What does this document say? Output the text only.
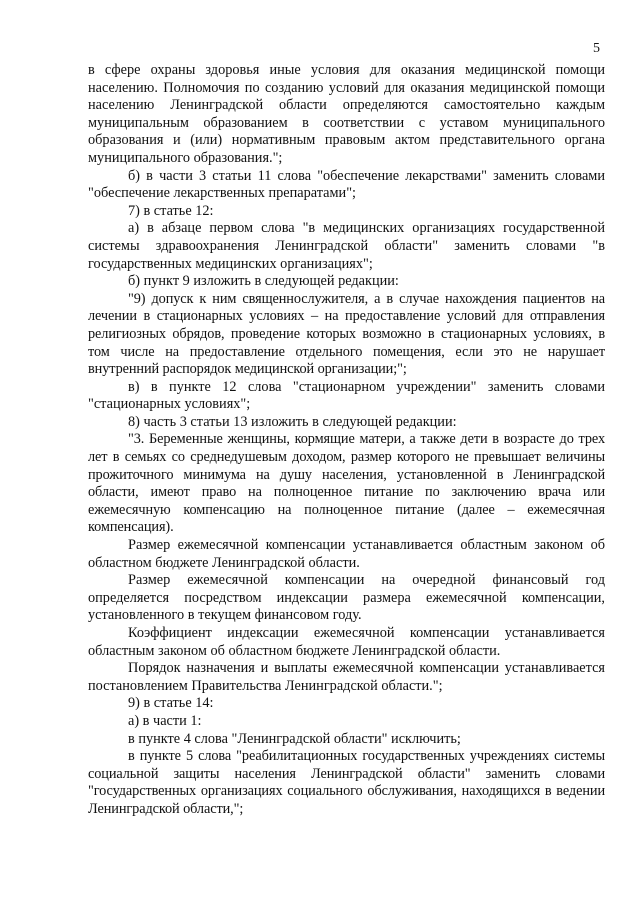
5

в сфере охраны здоровья иные условия для оказания медицинской помощи населению. Полномочия по созданию условий для оказания медицинской помощи населению Ленинградской области определяются самостоятельно каждым муниципальным образованием в соответствии с уставом муниципального образования и (или) нормативным правовым актом представительного органа муниципального образования.";

б) в части 3 статьи 11 слова "обеспечение лекарствами" заменить словами "обеспечение лекарственных препаратами";

7) в статье 12:

а) в абзаце первом слова "в медицинских организациях государственной системы здравоохранения Ленинградской области" заменить словами "в государственных медицинских организациях";

б) пункт 9 изложить в следующей редакции:

"9) допуск к ним священнослужителя, а в случае нахождения пациентов на лечении в стационарных условиях – на предоставление условий для отправления религиозных обрядов, проведение которых возможно в стационарных условиях, в том числе на предоставление отдельного помещения, если это не нарушает внутренний распорядок медицинской организации;";

в) в пункте 12 слова "стационарном учреждении" заменить словами "стационарных условиях";

8) часть 3 статьи 13 изложить в следующей редакции:

"3. Беременные женщины, кормящие матери, а также дети в возрасте до трех лет в семьях со среднедушевым доходом, размер которого не превышает величины прожиточного минимума на душу населения, установленной в Ленинградской области, имеют право на полноценное питание по заключению врача или ежемесячную компенсацию на полноценное питание (далее – ежемесячная компенсация).

Размер ежемесячной компенсации устанавливается областным законом об областном бюджете Ленинградской области.

Размер ежемесячной компенсации на очередной финансовый год определяется посредством индексации размера ежемесячной компенсации, установленного в текущем финансовом году.

Коэффициент индексации ежемесячной компенсации устанавливается областным законом об областном бюджете Ленинградской области.

Порядок назначения и выплаты ежемесячной компенсации устанавливается постановлением Правительства Ленинградской области.";

9) в статье 14:

а) в части 1:

в пункте 4 слова "Ленинградской области" исключить;

в пункте 5 слова "реабилитационных государственных учреждениях системы социальной защиты населения Ленинградской области" заменить словами "государственных организациях социального обслуживания, находящихся в ведении Ленинградской области,";
